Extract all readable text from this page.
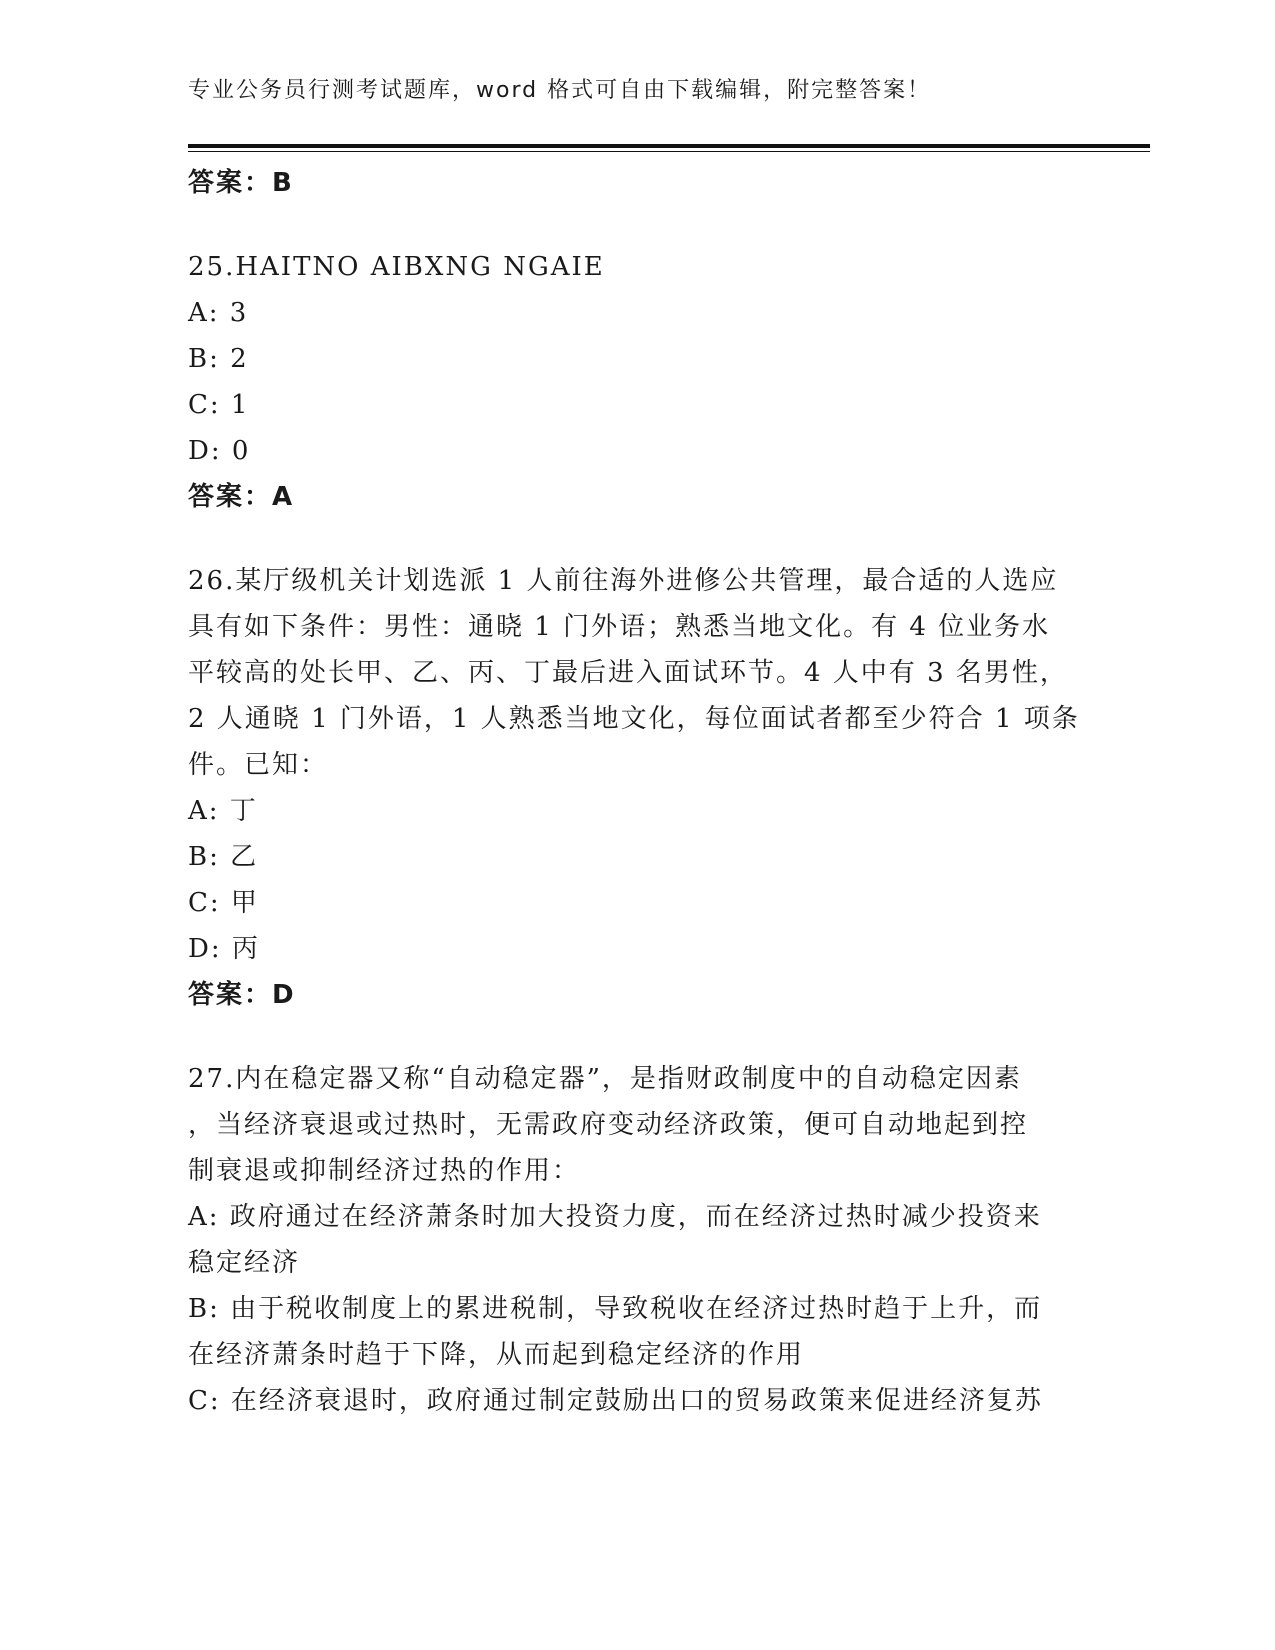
专业公务员行测考试题库，word 格式可自由下载编辑，附完整答案！
答案：B
25.HAITNO AIBXNG NGAIE
A: 3
B: 2
C: 1
D: 0
答案：A
26.某厅级机关计划选派 1 人前往海外进修公共管理，最合适的人选应
具有如下条件：男性：通晓 1 门外语；熟悉当地文化。有 4 位业务水
平较高的处长甲、乙、丙、丁最后进入面试环节。4 人中有 3 名男性，
2 人通晓 1 门外语，1 人熟悉当地文化，每位面试者都至少符合 1 项条
件。已知：
A: 丁
B: 乙
C: 甲
D: 丙
答案：D
27.内在稳定器又称“自动稳定器”，是指财政制度中的自动稳定因素
，当经济衰退或过热时，无需政府变动经济政策，便可自动地起到控
制衰退或抑制经济过热的作用：
A: 政府通过在经济萧条时加大投资力度，而在经济过热时减少投资来
稳定经济
B: 由于税收制度上的累进税制，导致税收在经济过热时趋于上升，而
在经济萧条时趋于下降，从而起到稳定经济的作用
C: 在经济衰退时，政府通过制定鼓励出口的贸易政策来促进经济复苏
